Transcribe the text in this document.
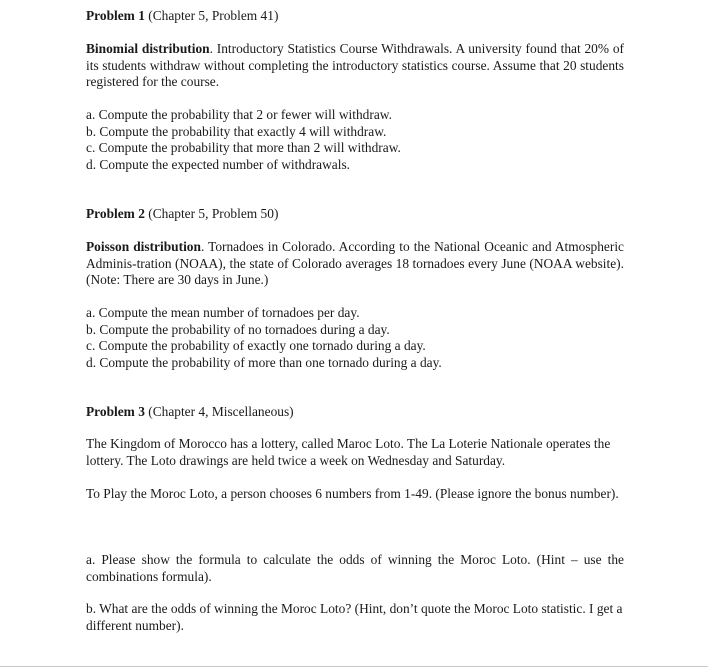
Problem 1 (Chapter 5, Problem 41)
Binomial distribution. Introductory Statistics Course Withdrawals. A university found that 20% of its students withdraw without completing the introductory statistics course. Assume that 20 students registered for the course.
a. Compute the probability that 2 or fewer will withdraw.
b. Compute the probability that exactly 4 will withdraw.
c. Compute the probability that more than 2 will withdraw.
d. Compute the expected number of withdrawals.
Problem 2 (Chapter 5, Problem 50)
Poisson distribution. Tornadoes in Colorado. According to the National Oceanic and Atmospheric Adminis-tration (NOAA), the state of Colorado averages 18 tornadoes every June (NOAA website). (Note: There are 30 days in June.)
a. Compute the mean number of tornadoes per day.
b. Compute the probability of no tornadoes during a day.
c. Compute the probability of exactly one tornado during a day.
d. Compute the probability of more than one tornado during a day.
Problem 3 (Chapter 4, Miscellaneous)
The Kingdom of Morocco has a lottery, called Maroc Loto. The La Loterie Nationale operates the lottery. The Loto drawings are held twice a week on Wednesday and Saturday.
To Play the Moroc Loto, a person chooses 6 numbers from 1-49. (Please ignore the bonus number).
a. Please show the formula to calculate the odds of winning the Moroc Loto. (Hint – use the combinations formula).
b. What are the odds of winning the Moroc Loto? (Hint, don’t quote the Moroc Loto statistic. I get a different number).
